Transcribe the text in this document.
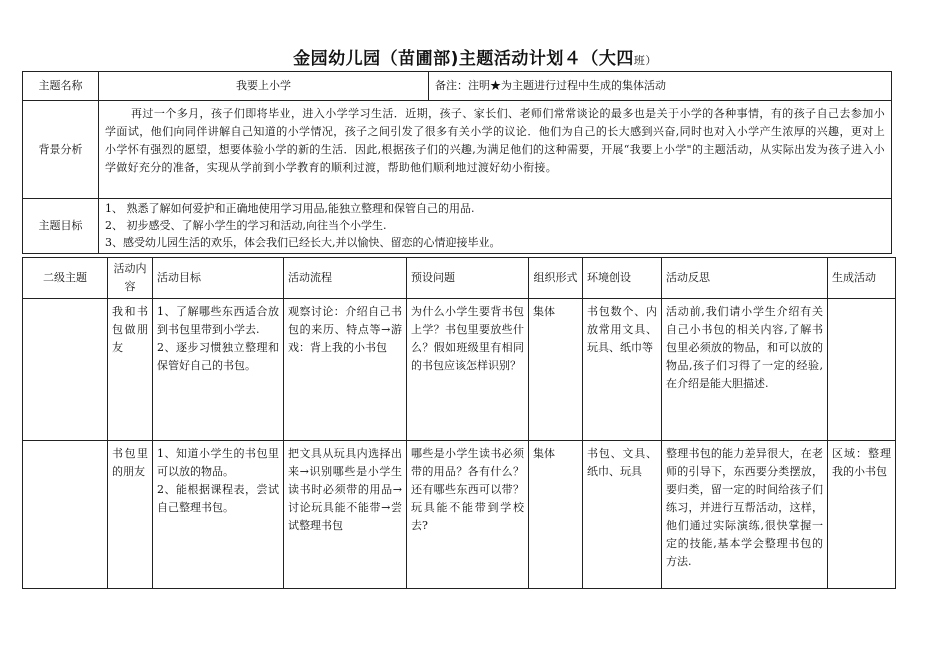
金园幼儿园（苗圃部)主题活动计划４（大四班）
主题名称	我要上小学	备注：注明★为主题进行过程中生成的集体活动
背景分析	再过一个多月，孩子们即将毕业，进入小学学习生活．近期，孩子、家长们、老师们常常谈论的最多也是关于小学的各种事情，有的孩子自己去参加小学面试，他们向同伴讲解自己知道的小学情况，孩子之间引发了很多有关小学的议论．他们为自己的长大感到兴奋,同时也对入小学产生浓厚的兴趣，更对上小学怀有强烈的愿望，想要体验小学的新的生活．因此,根据孩子们的兴趣,为满足他们的这种需要，开展“我要上小学"的主题活动，从实际出发为孩子进入小学做好充分的准备，实现从学前到小学教育的顺利过渡，帮助他们顺利地过渡好幼小衔接。	
主题目标	1、 熟悉了解如何爱护和正确地使用学习用品,能独立整理和保管自己的用品.
2、 初步感受、了解小学生的学习和活动,向往当个小学生.
3、感受幼儿园生活的欢乐，体会我们已经长大,并以愉快、留恋的心情迎接毕业。	
二级主题	活动内容	活动目标	活动流程	预设问题	组织形式	环境创设	活动反思	生成活动
	我和书包做朋友	1、了解哪些东西适合放到书包里带到小学去.
2、逐步习惯独立整理和保管好自己的书包。	观察讨论：介绍自己书包的来历、特点等→游戏：背上我的小书包	为什么小学生要背书包上学？书包里要放些什么？假如班级里有相同的书包应该怎样识别？	集体	书包数个、内放常用文具、玩具、纸巾等	活动前,我们请小学生介绍有关自己小书包的相关内容,了解书包里必须放的物品，和可以放的物品,孩子们习得了一定的经验,在介绍是能大胆描述.	
	书包里的朋友	1、知道小学生的书包里可以放的物品。
2、能根据课程表，尝试自己整理书包。	把文具从玩具内选择出来→识别哪些是小学生读书时必须带的用品→讨论玩具能不能带→尝试整理书包	哪些是小学生读书必须带的用品？各有什么？还有哪些东西可以带？玩具能不能带到学校去?	集体	书包、文具、纸巾、玩具	整理书包的能力差异很大，在老师的引导下，东西要分类摆放，要归类，留一定的时间给孩子们练习，并进行互帮活动，这样，他们通过实际演练,很快掌握一定的技能,基本学会整理书包的方法.	区域：整理我的小书包
